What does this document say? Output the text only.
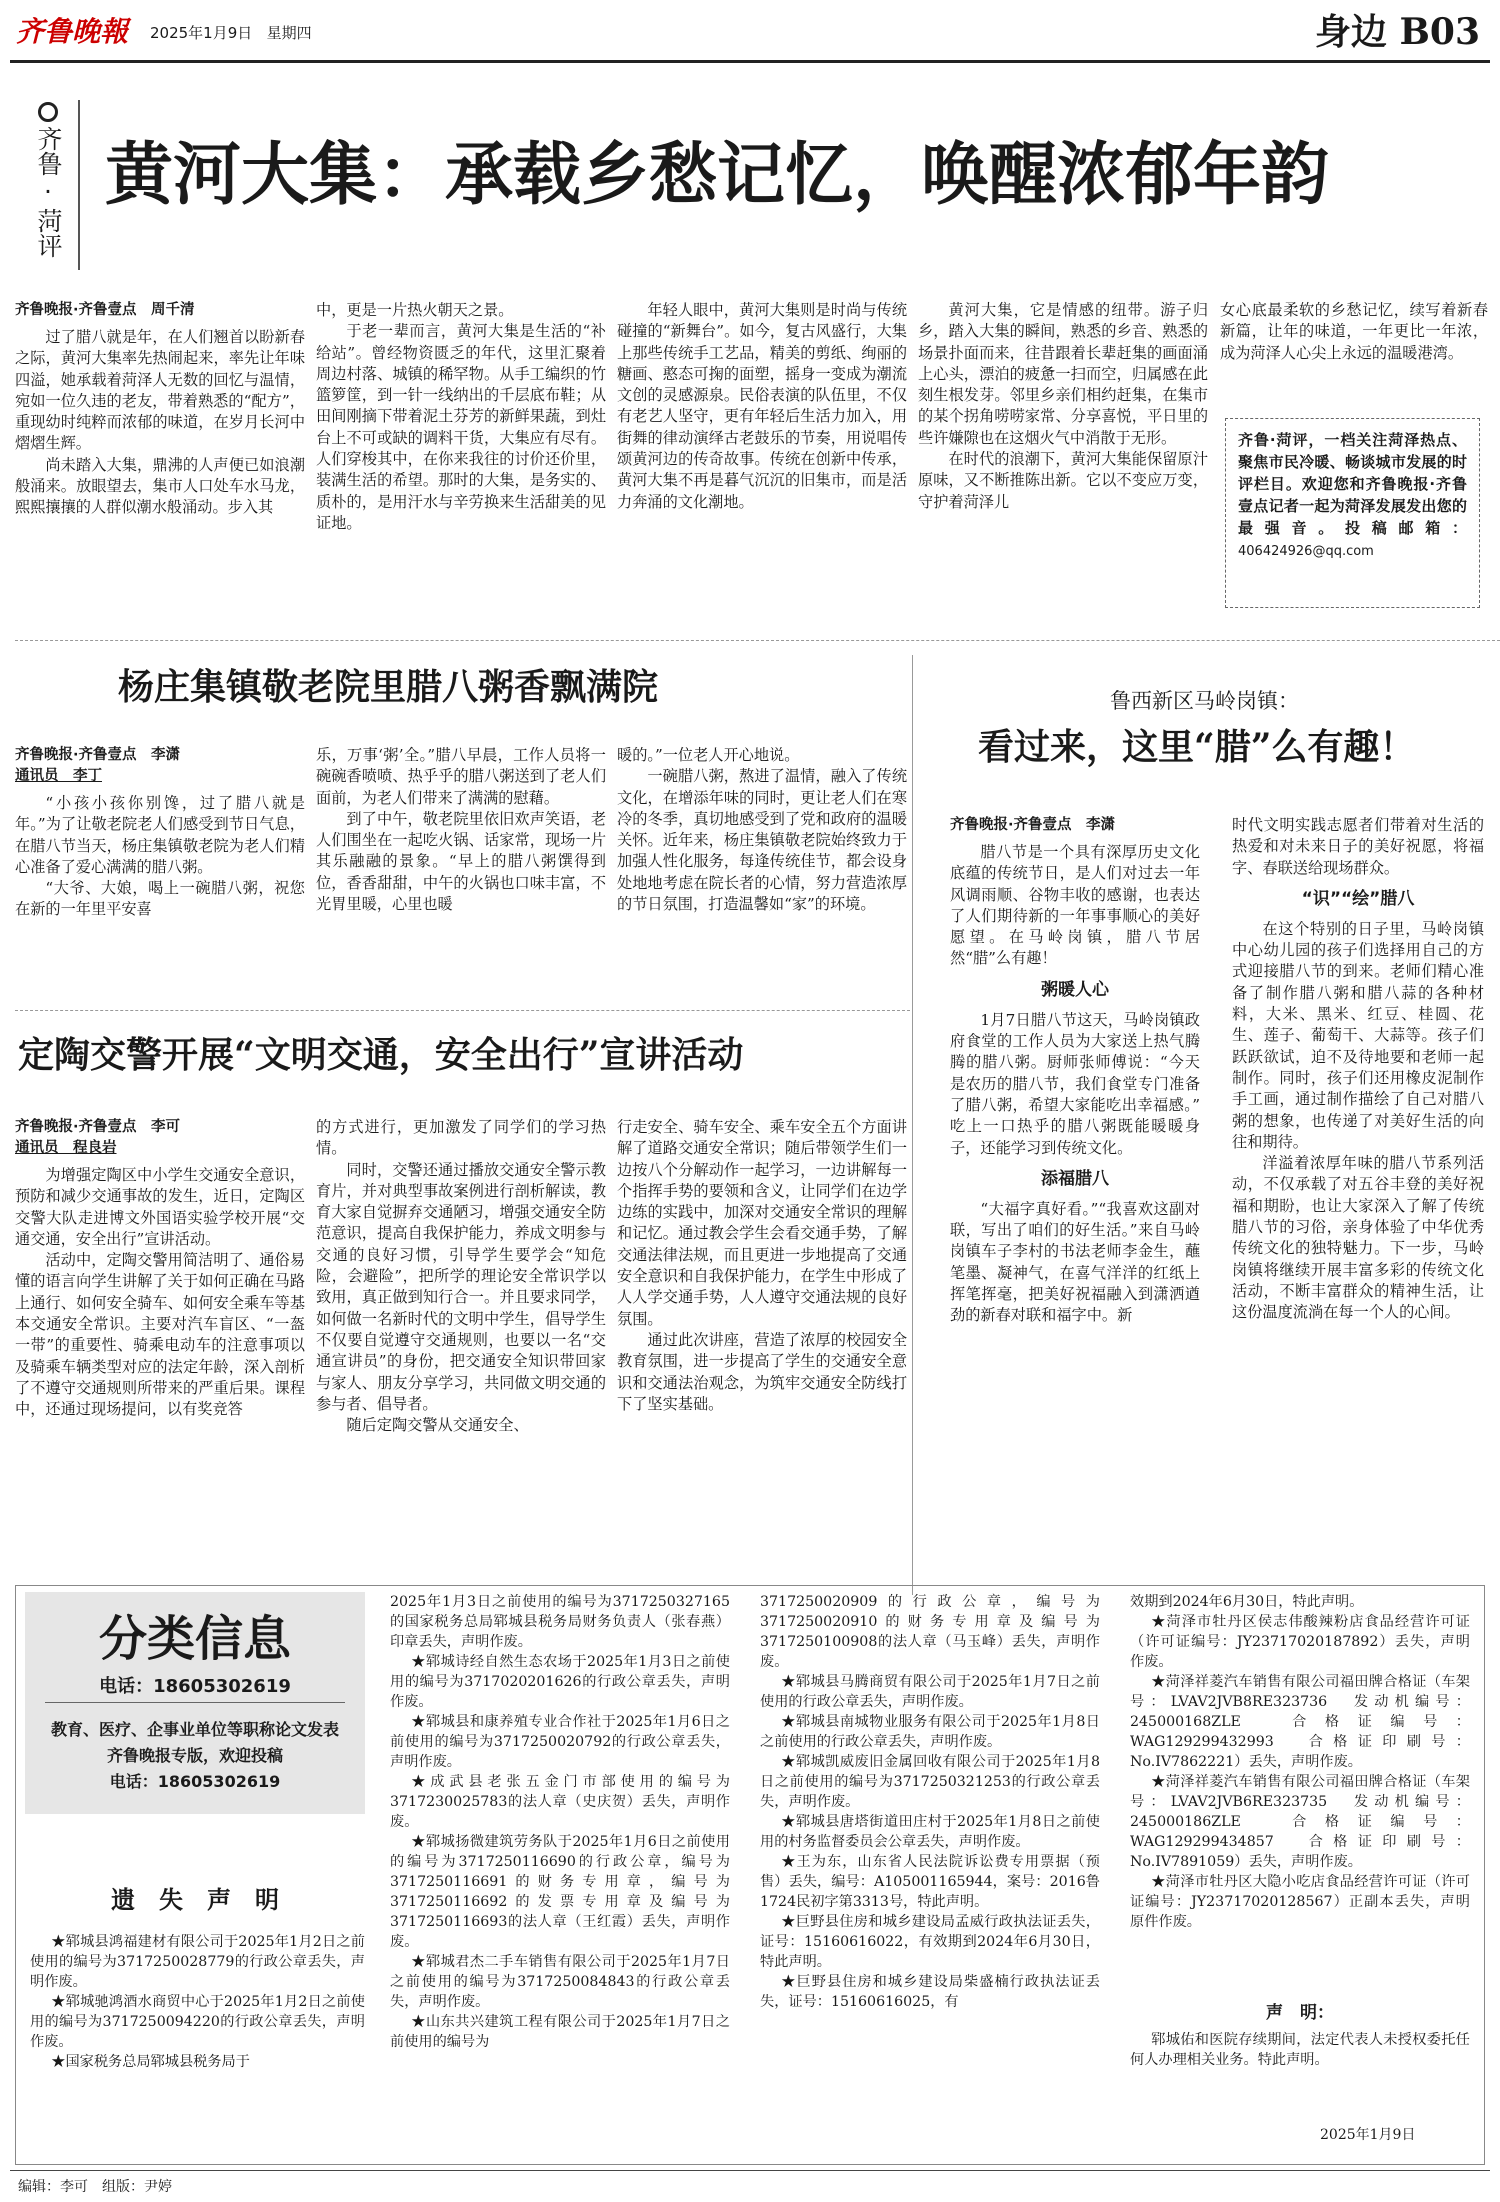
齐鲁晚報 2025年1月9日 星期四	身边 B03
齐鲁
·
菏评
黄河大集：承载乡愁记忆，唤醒浓郁年韵
齐鲁晚报·齐鲁壹点　周千清

过了腊八就是年，在人们翘首以盼新春之际，黄河大集率先热闹起来，率先让年味四溢，她承载着菏泽人无数的回忆与温情，宛如一位久违的老友，带着熟悉的“配方”，重现幼时纯粹而浓郁的味道，在岁月长河中熠熠生辉。

尚未踏入大集，鼎沸的人声便已如浪潮般涌来。放眼望去，集市人口处车水马龙，熙熙攘攘的人群似潮水般涌动。步入其

中，更是一片热火朝天之景。

于老一辈而言，黄河大集是生活的“补给站”。曾经物资匮乏的年代，这里汇聚着周边村落、城镇的稀罕物。从手工编织的竹篮箩筐，到一针一线纳出的千层底布鞋；从田间刚摘下带着泥土芬芳的新鲜果蔬，到灶台上不可或缺的调料干货，大集应有尽有。人们穿梭其中，在你来我往的讨价还价里，装满生活的希望。那时的大集，是务实的、质朴的，是用汗水与辛劳换来生活甜美的见证地。

年轻人眼中，黄河大集则是时尚与传统碰撞的“新舞台”。如今，复古风盛行，大集上那些传统手工艺品，精美的剪纸、绚丽的糖画、憨态可掬的面塑，摇身一变成为潮流文创的灵感源泉。民俗表演的队伍里，不仅有老艺人坚守，更有年轻后生活力加入，用街舞的律动演绎古老鼓乐的节奏，用说唱传颂黄河边的传奇故事。传统在创新中传承，黄河大集不再是暮气沉沉的旧集市，而是活力奔涌的文化潮地。

黄河大集，它是情感的纽带。游子归乡，踏入大集的瞬间，熟悉的乡音、熟悉的场景扑面而来，往昔跟着长辈赶集的画面涌上心头，漂泊的疲惫一扫而空，归属感在此刻生根发芽。邻里乡亲们相约赶集，在集市的某个拐角唠唠家常、分享喜悦，平日里的些许嫌隙也在这烟火气中消散于无形。

在时代的浪潮下，黄河大集能保留原汁原味，又不断推陈出新。它以不变应万变，守护着菏泽儿

女心底最柔软的乡愁记忆，续写着新春新篇，让年的味道，一年更比一年浓，成为菏泽人心尖上永远的温暖港湾。

齐鲁·菏评，一档关注菏泽热点、聚焦市民冷暖、畅谈城市发展的时评栏目。欢迎您和齐鲁晚报·齐鲁壹点记者一起为菏泽发展发出您的最强音。投稿邮箱：406424926@qq.com
杨庄集镇敬老院里腊八粥香飘满院
齐鲁晚报·齐鲁壹点　李潇
通讯员　李丁

“小孩小孩你别馋，过了腊八就是年。”为了让敬老院老人们感受到节日气息，在腊八节当天，杨庄集镇敬老院为老人们精心准备了爱心满满的腊八粥。

“大爷、大娘，喝上一碗腊八粥，祝您在新的一年里平安喜

乐，万事‘粥’全。”腊八早晨，工作人员将一碗碗香喷喷、热乎乎的腊八粥送到了老人们面前，为老人们带来了满满的慰藉。

到了中午，敬老院里依旧欢声笑语，老人们围坐在一起吃火锅、话家常，现场一片其乐融融的景象。“早上的腊八粥馔得到位，香香甜甜，中午的火锅也口味丰富，不光胃里暖，心里也暖

暖的。”一位老人开心地说。

一碗腊八粥，熬进了温情，融入了传统文化，在增添年味的同时，更让老人们在寒冷的冬季，真切地感受到了党和政府的温暖关怀。近年来，杨庄集镇敬老院始终致力于加强人性化服务，每逢传统佳节，都会设身处地地考虑在院长者的心情，努力营造浓厚的节日氛围，打造温馨如“家”的环境。

定陶交警开展“文明交通，安全出行”宣讲活动
齐鲁晚报·齐鲁壹点　李可
通讯员　程良岩

为增强定陶区中小学生交通安全意识，预防和减少交通事故的发生，近日，定陶区交警大队走进博文外国语实验学校开展“交通交通，安全出行”宣讲活动。

活动中，定陶交警用简洁明了、通俗易懂的语言向学生讲解了关于如何正确在马路上通行、如何安全骑车、如何安全乘车等基本交通安全常识。主要对汽车盲区、“一盔一带”的重要性、骑乘电动车的注意事项以及骑乘车辆类型对应的法定年龄，深入剖析了不遵守交通规则所带来的严重后果。课程中，还通过现场提问，以有奖竞答

的方式进行，更加激发了同学们的学习热情。

同时，交警还通过播放交通安全警示教育片，并对典型事故案例进行剖析解读，教育大家自觉摒弃交通陋习，增强交通安全防范意识，提高自我保护能力，养成文明参与交通的良好习惯，引导学生要学会“知危险，会避险”，把所学的理论安全常识学以致用，真正做到知行合一。并且要求同学，如何做一名新时代的文明中学生，倡导学生不仅要自觉遵守交通规则，也要以一名“交通宣讲员”的身份，把交通安全知识带回家与家人、朋友分享学习，共同做文明交通的参与者、倡导者。

随后定陶交警从交通安全、

行走安全、骑车安全、乘车安全五个方面讲解了道路交通安全常识；随后带领学生们一边按八个分解动作一起学习，一边讲解每一个指挥手势的要领和含义，让同学们在边学边练的实践中，加深对交通安全常识的理解和记忆。通过教会学生会看交通手势，了解交通法律法规，而且更进一步地提高了交通安全意识和自我保护能力，在学生中形成了人人学交通手势，人人遵守交通法规的良好氛围。

通过此次讲座，营造了浓厚的校园安全教育氛围，进一步提高了学生的交通安全意识和交通法治观念，为筑牢交通安全防线打下了坚实基础。

鲁西新区马岭岗镇：
看过来，这里“腊”么有趣！
齐鲁晚报·齐鲁壹点　李潇

腊八节是一个具有深厚历史文化底蕴的传统节日，是人们对过去一年风调雨顺、谷物丰收的感谢，也表达了人们期待新的一年事事顺心的美好愿望。在马岭岗镇，腊八节居然“腊”么有趣！

粥暖人心

1月7日腊八节这天，马岭岗镇政府食堂的工作人员为大家送上热气腾腾的腊八粥。厨师张师傅说：“今天是农历的腊八节，我们食堂专门准备了腊八粥，希望大家能吃出幸福感。”　吃上一口热乎的腊八粥既能暖暖身子，还能学习到传统文化。

添福腊八

“大福字真好看。”“我喜欢这副对联，写出了咱们的好生活。”来自马岭岗镇车子李村的书法老师李金生，蘸笔墨、凝神气，在喜气洋洋的红纸上挥笔挥毫，把美好祝福融入到潇洒遒劲的新春对联和福字中。新

时代文明实践志愿者们带着对生活的热爱和对未来日子的美好祝愿，将福字、春联送给现场群众。

“识”“绘”腊八

在这个特别的日子里，马岭岗镇中心幼儿园的孩子们选择用自己的方式迎接腊八节的到来。老师们精心准备了制作腊八粥和腊八蒜的各种材料，大米、黑米、红豆、桂圆、花生、莲子、葡萄干、大蒜等。孩子们跃跃欲试，迫不及待地要和老师一起制作。同时，孩子们还用橡皮泥制作手工画，通过制作描绘了自己对腊八粥的想象，也传递了对美好生活的向往和期待。

洋溢着浓厚年味的腊八节系列活动，不仅承载了对五谷丰登的美好祝福和期盼，也让大家深入了解了传统腊八节的习俗，亲身体验了中华优秀传统文化的独特魅力。下一步，马岭岗镇将继续开展丰富多彩的传统文化活动，不断丰富群众的精神生活，让这份温度流淌在每一个人的心间。

分类信息
电话：18605302619
教育、医疗、企事业单位等职称论文发表
齐鲁晚报专版，欢迎投稿
电话：18605302619
遗　失　声　明

★郓城县鸿福建材有限公司于2025年1月2日之前使用的编号为3717250028779的行政公章丢失，声明作废。

★郓城驰鸿酒水商贸中心于2025年1月2日之前使用的编号为3717250094220的行政公章丢失，声明作废。

★国家税务总局郓城县税务局于

2025年1月3日之前使用的编号为3717250327165的国家税务总局郓城县税务局财务负责人（张春燕）印章丢失，声明作废。

★郓城诗经自然生态农场于2025年1月3日之前使用的编号为3717020201626的行政公章丢失，声明作废。

★郓城县和康养殖专业合作社于2025年1月6日之前使用的编号为3717250020792的行政公章丢失，声明作废。

★成武县老张五金门市部使用的编号为3717230025783的法人章（史庆贺）丢失，声明作废。

★郓城扬微建筑劳务队于2025年1月6日之前使用的编号为3717250116690的行政公章，编号为3717250116691的财务专用章，编号为3717250116692的发票专用章及编号为3717250116693的法人章（王红霞）丢失，声明作废。

★郓城君杰二手车销售有限公司于2025年1月7日之前使用的编号为3717250084843的行政公章丢失，声明作废。

★山东共兴建筑工程有限公司于2025年1月7日之前使用的编号为

3717250020909的行政公章，编号为3717250020910的财务专用章及编号为3717250100908的法人章（马玉峰）丢失，声明作废。

★郓城县马腾商贸有限公司于2025年1月7日之前使用的行政公章丢失，声明作废。

★郓城县南城物业服务有限公司于2025年1月8日之前使用的行政公章丢失，声明作废。

★郓城凯威废旧金属回收有限公司于2025年1月8日之前使用的编号为3717250321253的行政公章丢失，声明作废。

★郓城县唐塔街道田庄村于2025年1月8日之前使用的村务监督委员会公章丢失，声明作废。

★王为东，山东省人民法院诉讼费专用票据（预售）丢失，编号：A105001165944，案号：2016鲁1724民初字第3313号，特此声明。

★巨野县住房和城乡建设局孟威行政执法证丢失，证号：15160616022，有效期到2024年6月30日，特此声明。

★巨野县住房和城乡建设局柴盛楠行政执法证丢失，证号：15160616025，有

效期到2024年6月30日，特此声明。

★菏泽市牡丹区侯志伟酸辣粉店食品经营许可证（许可证编号：JY23717020187892）丢失，声明作废。

★菏泽祥菱汽车销售有限公司福田牌合格证（车架号：LVAV2JVB8RE323736　发动机编号：245000168ZLE　合格证编号：WAG129299432993　合格证印刷号：No.IV7862221）丢失，声明作废。

★菏泽祥菱汽车销售有限公司福田牌合格证（车架号：LVAV2JVB6RE323735　发动机编号：245000186ZLE　合格证编号：WAG129299434857　合格证印刷号：No.IV7891059）丢失，声明作废。

★菏泽市牡丹区大隐小吃店食品经营许可证（许可证编号：JY23717020128567）正副本丢失，声明原件作废。

声　明：

郓城佑和医院存续期间，法定代表人未授权委托任何人办理相关业务。特此声明。

2025年1月9日
编辑：李可　组版：尹婷
